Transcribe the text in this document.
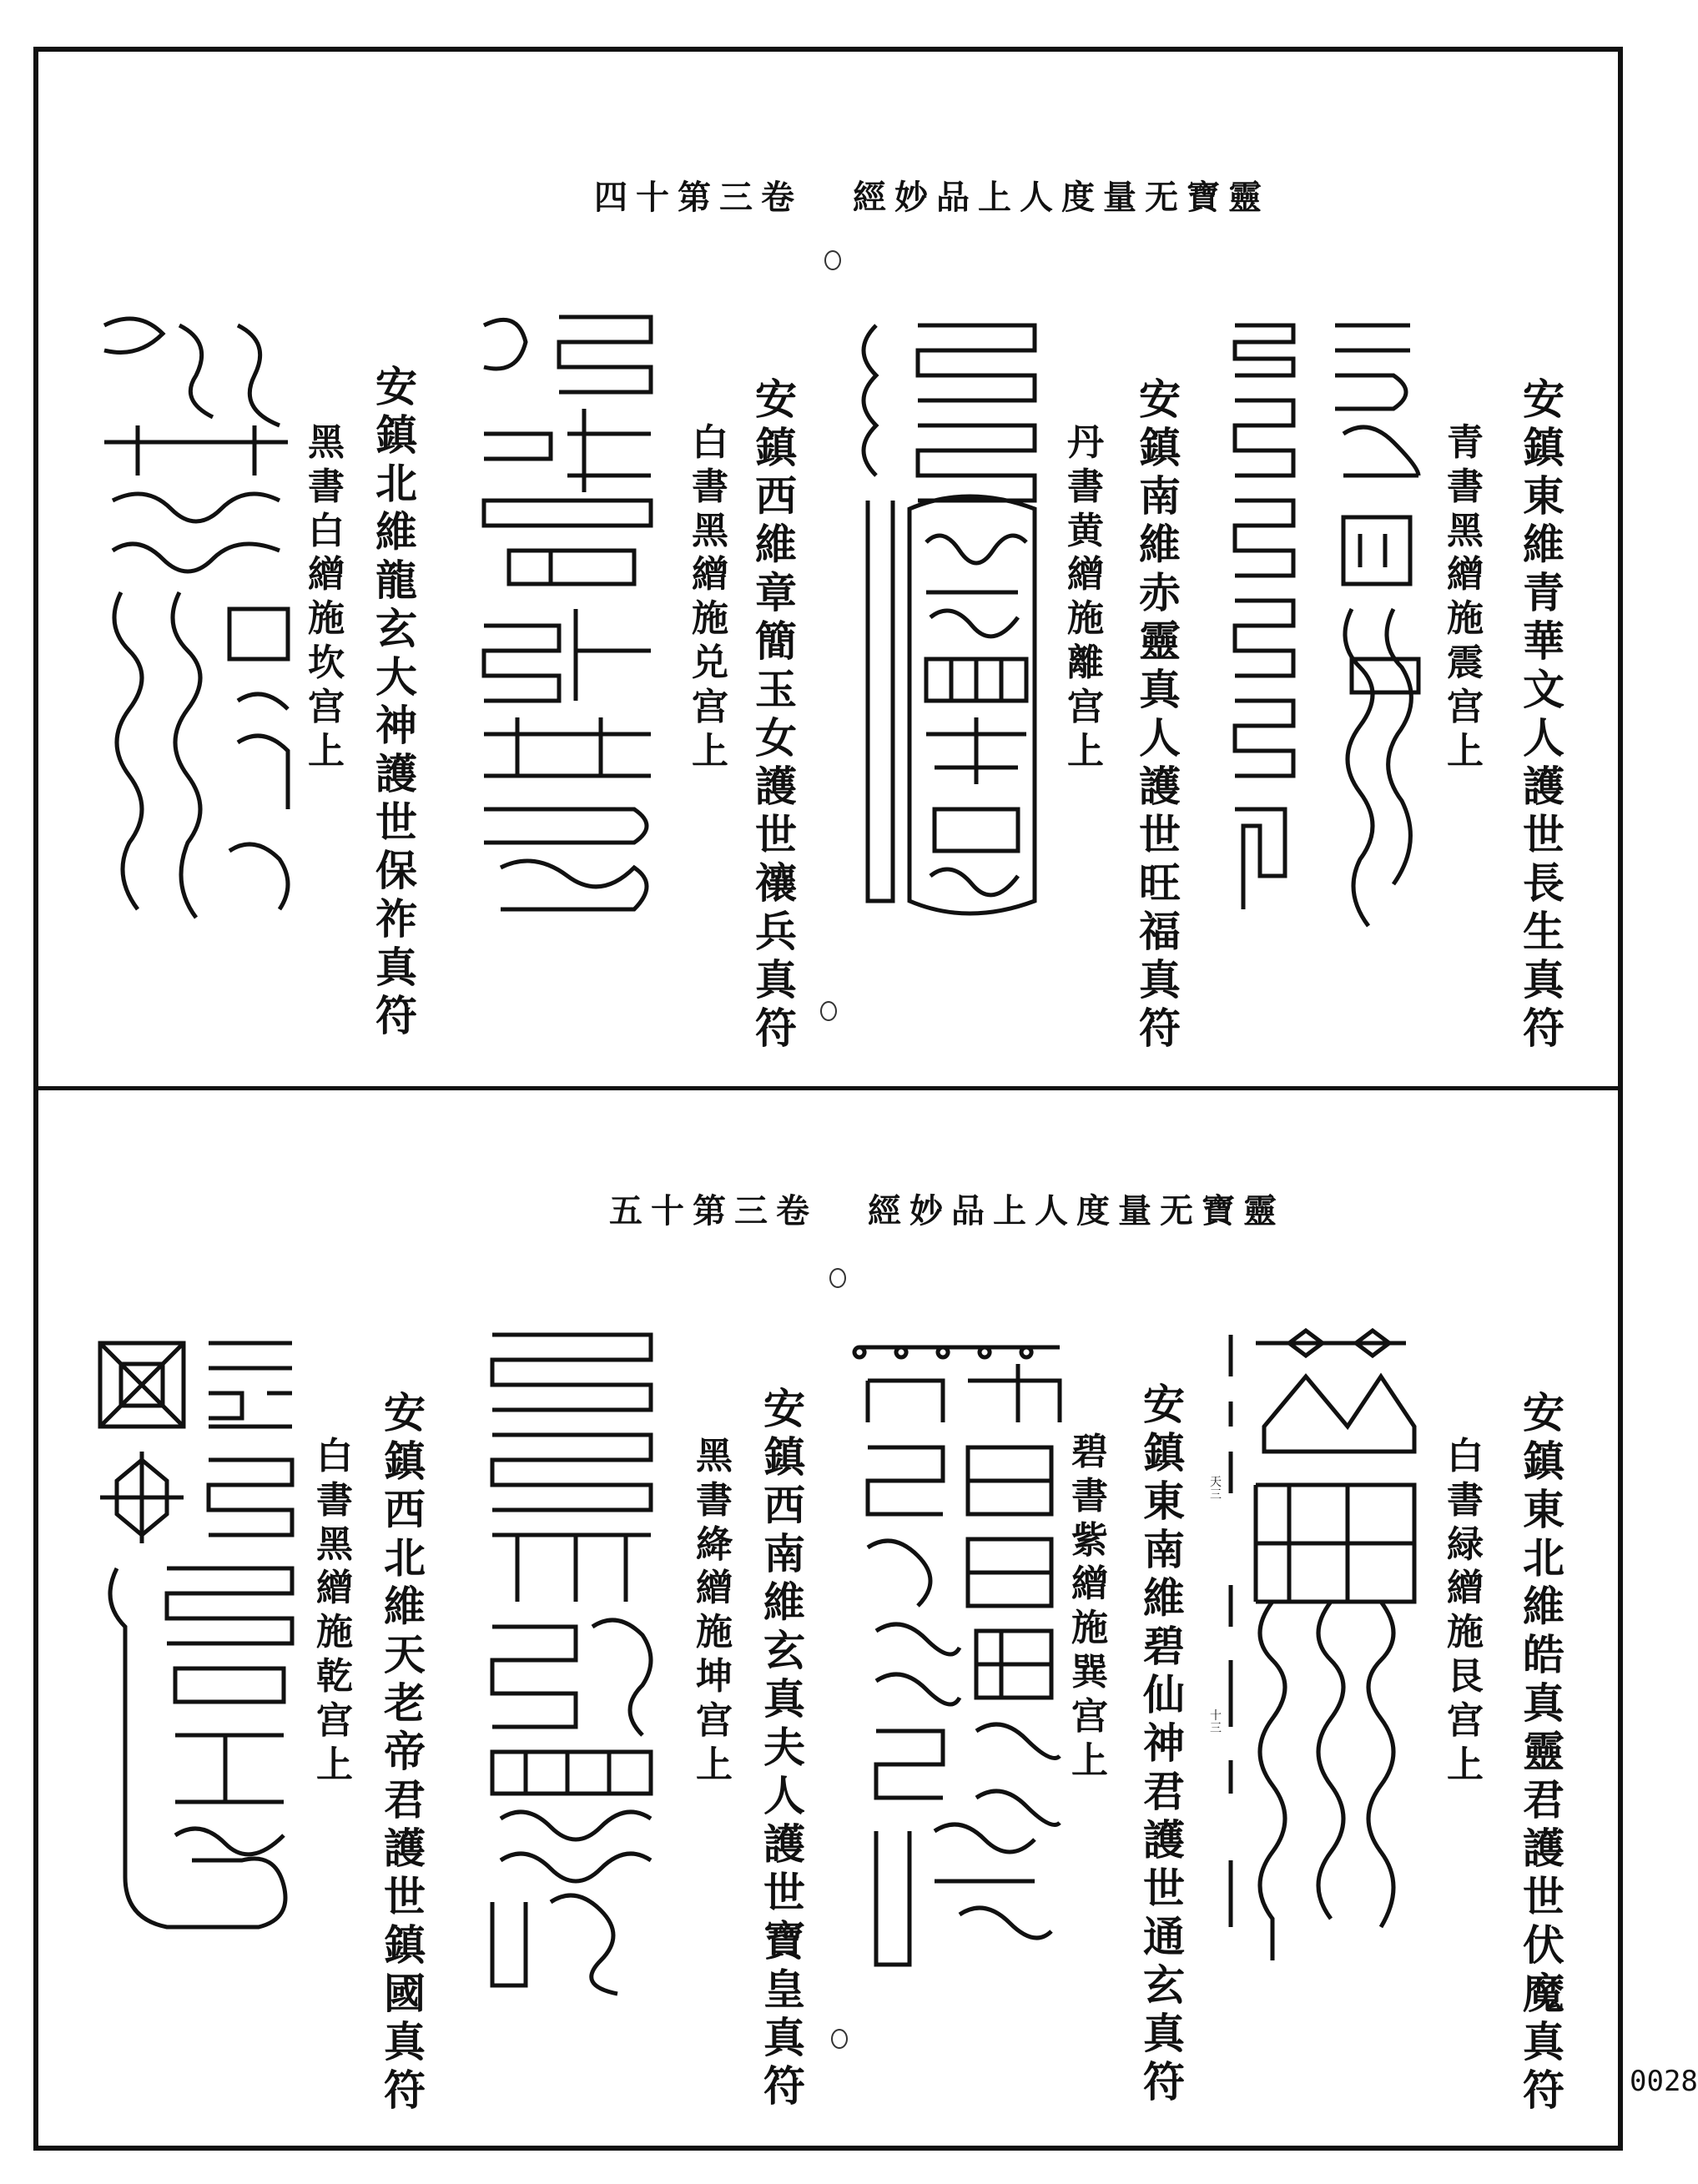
靈寶无量度人上品妙經卷三第十四
安鎮東維青華文人護世長生真符
青書黑繒施震宫上
安鎮南維赤靈真人護世旺福真符
丹書黄繒施離宫上
安鎮西維章簡玉女護世禳兵真符
白書黑繒施兑宫上
安鎮北維龍玄大神護世保祚真符
黑書白繒施坎宫上
靈寶无量度人上品妙經卷三第十五
安鎮東北維皓真靈君護世伏魔真符
白書緑繒施艮宫上
安鎮東南維碧仙神君護世通玄真符
碧書紫繒施巽宫上
安鎮西南維玄真夫人護世寶皇真符
黑書絳繒施坤宫上
安鎮西北維天老帝君護世鎮國真符
白書黑繒施乾宫上
天三
十三
0028
